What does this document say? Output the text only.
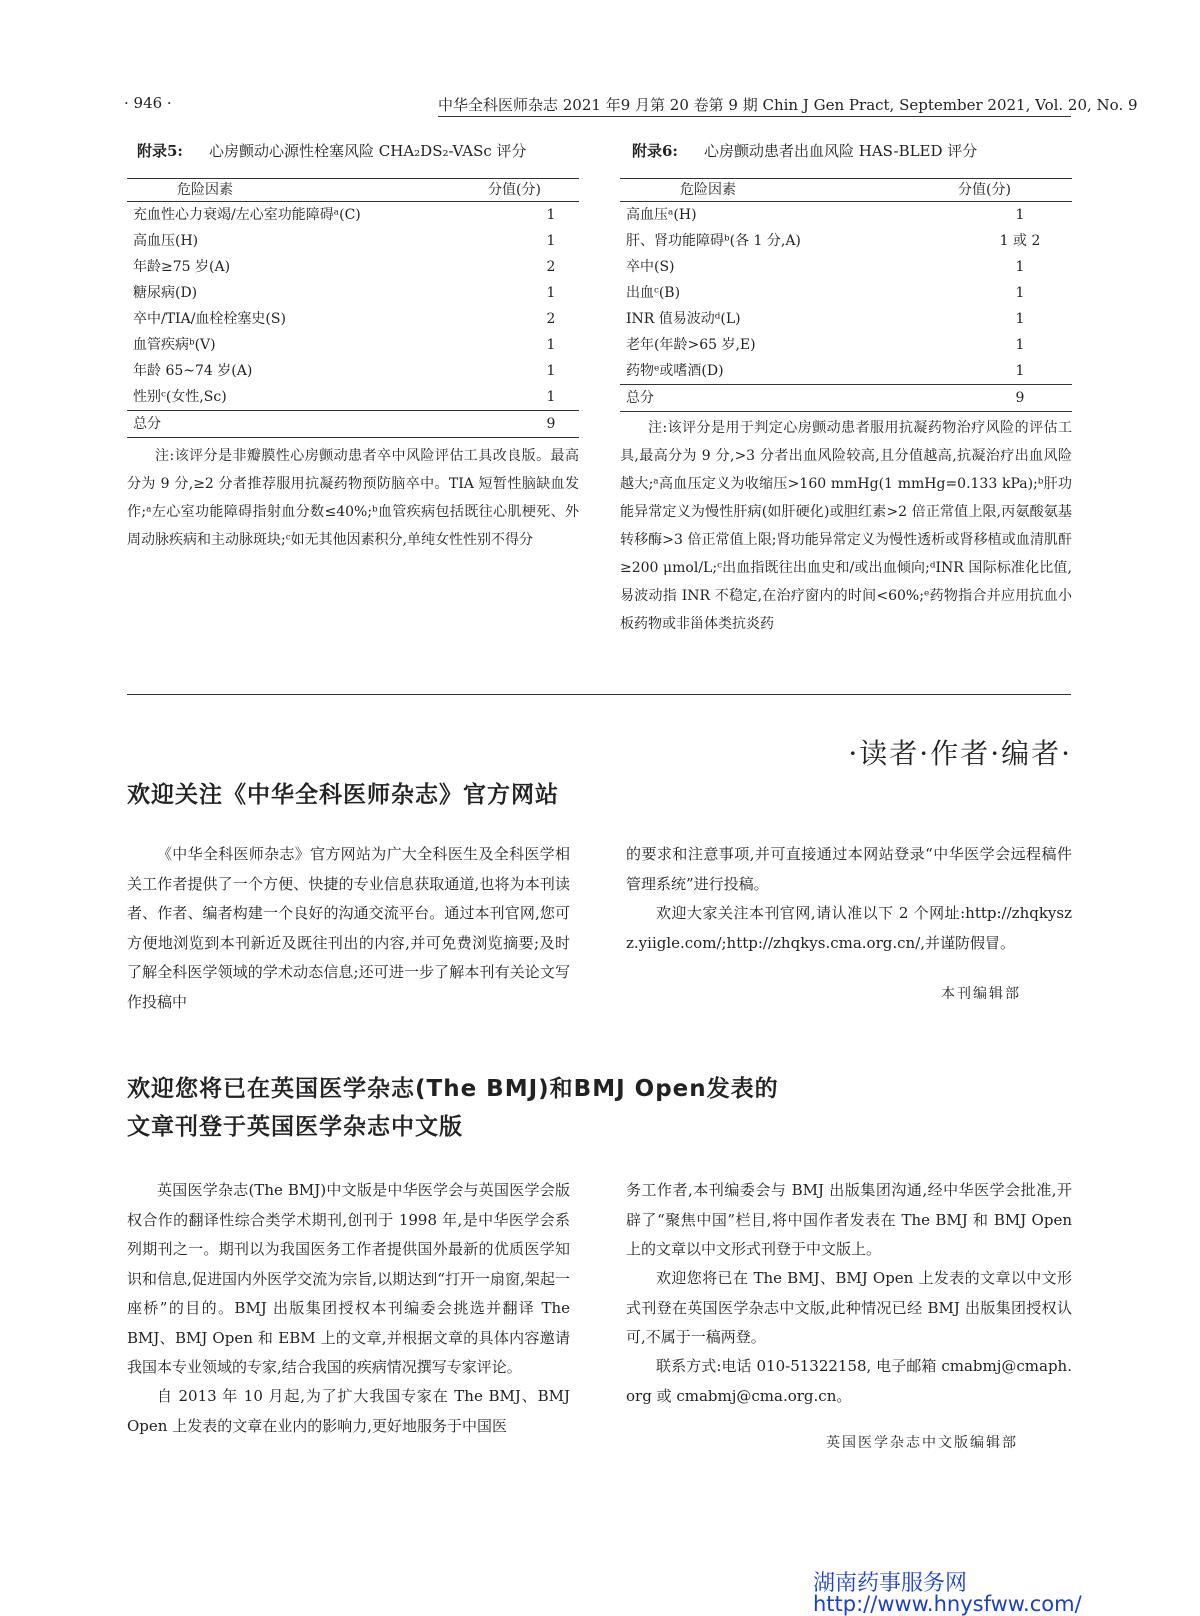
· 946 ·	中华全科医师杂志 2021 年9 月第 20 卷第 9 期 Chin J Gen Pract, September 2021, Vol. 20, No. 9
附录5: 心房颤动心源性栓塞风险 CHA₂DS₂-VASc 评分
危险因素	分值(分)
充血性心力衰竭/左心室功能障碍ᵃ(C)	1
高血压(H)	1
年龄≥75 岁(A)	2
糖尿病(D)	1
卒中/TIA/血栓栓塞史(S)	2
血管疾病ᵇ(V)	1
年龄 65~74 岁(A)	1
性别ᶜ(女性,Sc)	1
总分	9
注:该评分是非瓣膜性心房颤动患者卒中风险评估工具改良版。最高分为 9 分,≥2 分者推荐服用抗凝药物预防脑卒中。TIA 短暂性脑缺血发作;ᵃ左心室功能障碍指射血分数≤40%;ᵇ血管疾病包括既往心肌梗死、外周动脉疾病和主动脉斑块;ᶜ如无其他因素积分,单纯女性性别不得分
附录6: 心房颤动患者出血风险 HAS-BLED 评分
危险因素	分值(分)
高血压ᵃ(H)	1
肝、肾功能障碍ᵇ(各 1 分,A)	1 或 2
卒中(S)	1
出血ᶜ(B)	1
INR 值易波动ᵈ(L)	1
老年(年龄>65 岁,E)	1
药物ᵉ或嗜酒(D)	1
总分	9
注:该评分是用于判定心房颤动患者服用抗凝药物治疗风险的评估工具,最高分为 9 分,>3 分者出血风险较高,且分值越高,抗凝治疗出血风险越大;ᵃ高血压定义为收缩压>160 mmHg(1 mmHg=0.133 kPa);ᵇ肝功能异常定义为慢性肝病(如肝硬化)或胆红素>2 倍正常值上限,丙氨酸氨基转移酶>3 倍正常值上限;肾功能异常定义为慢性透析或肾移植或血清肌酐≥200 μmol/L;ᶜ出血指既往出血史和/或出血倾向;ᵈINR 国际标准化比值,易波动指 INR 不稳定,在治疗窗内的时间<60%;ᵉ药物指合并应用抗血小板药物或非甾体类抗炎药
·读者·作者·编者·
欢迎关注《中华全科医师杂志》官方网站
《中华全科医师杂志》官方网站为广大全科医生及全科医学相关工作者提供了一个方便、快捷的专业信息获取通道,也将为本刊读者、作者、编者构建一个良好的沟通交流平台。通过本刊官网,您可方便地浏览到本刊新近及既往刊出的内容,并可免费浏览摘要;及时了解全科医学领域的学术动态信息;还可进一步了解本刊有关论文写作投稿中
的要求和注意事项,并可直接通过本网站登录“中华医学会远程稿件管理系统”进行投稿。
欢迎大家关注本刊官网,请认准以下 2 个网址:http://zhqkyszz.yiigle.com/;http://zhqkys.cma.org.cn/,并谨防假冒。
本刊编辑部
欢迎您将已在英国医学杂志(The BMJ)和BMJ Open发表的
文章刊登于英国医学杂志中文版
英国医学杂志(The BMJ)中文版是中华医学会与英国医学会版权合作的翻译性综合类学术期刊,创刊于 1998 年,是中华医学会系列期刊之一。期刊以为我国医务工作者提供国外最新的优质医学知识和信息,促进国内外医学交流为宗旨,以期达到“打开一扇窗,架起一座桥”的目的。BMJ 出版集团授权本刊编委会挑选并翻译 The BMJ、BMJ Open 和 EBM 上的文章,并根据文章的具体内容邀请我国本专业领域的专家,结合我国的疾病情况撰写专家评论。
自 2013 年 10 月起,为了扩大我国专家在 The BMJ、BMJ Open 上发表的文章在业内的影响力,更好地服务于中国医
务工作者,本刊编委会与 BMJ 出版集团沟通,经中华医学会批准,开辟了“聚焦中国”栏目,将中国作者发表在 The BMJ 和 BMJ Open 上的文章以中文形式刊登于中文版上。
欢迎您将已在 The BMJ、BMJ Open 上发表的文章以中文形式刊登在英国医学杂志中文版,此种情况已经 BMJ 出版集团授权认可,不属于一稿两登。
联系方式:电话 010-51322158, 电子邮箱 cmabmj@cmaph.org 或 cmabmj@cma.org.cn。
英国医学杂志中文版编辑部
湖南药事服务网
http://www.hnysfww.com/
